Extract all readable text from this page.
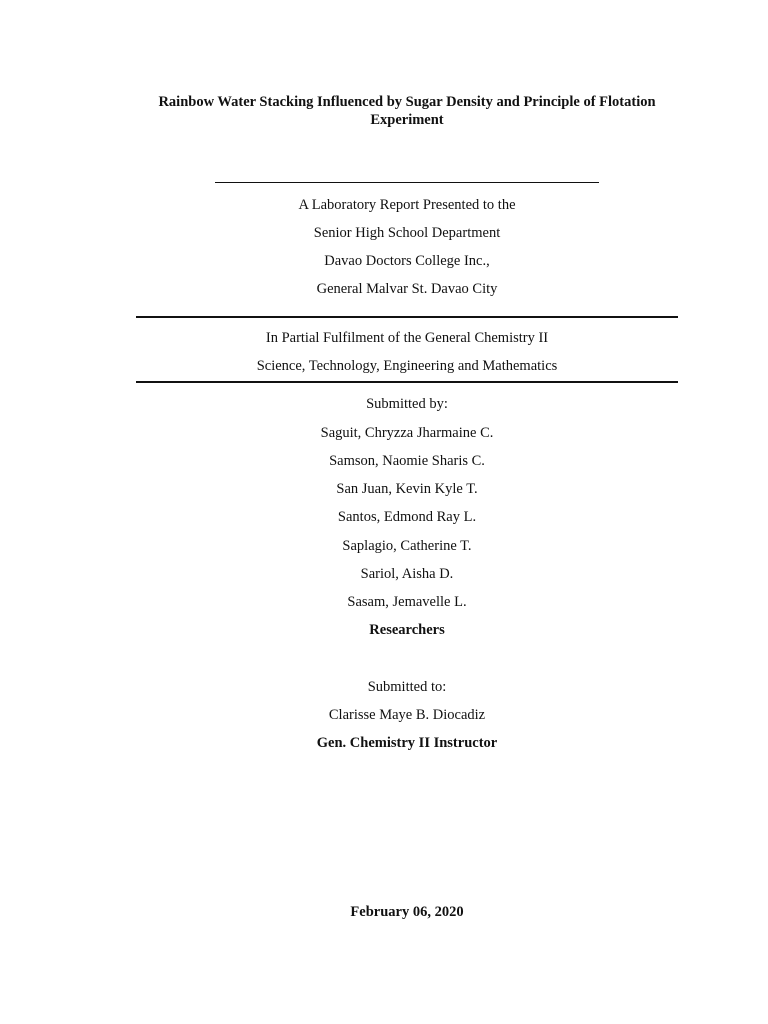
Rainbow Water Stacking Influenced by Sugar Density and Principle of Flotation
Experiment
A Laboratory Report Presented to the
Senior High School Department
Davao Doctors College Inc.,
General Malvar St. Davao City
In Partial Fulfilment of the General Chemistry II
Science, Technology, Engineering and Mathematics
Submitted by:
Saguit, Chryzza Jharmaine C.
Samson, Naomie Sharis C.
San Juan, Kevin Kyle T.
Santos, Edmond Ray L.
Saplagio, Catherine T.
Sariol, Aisha D.
Sasam, Jemavelle L.
Researchers
Submitted to:
Clarisse Maye B. Diocadiz
Gen. Chemistry II Instructor
February 06, 2020
